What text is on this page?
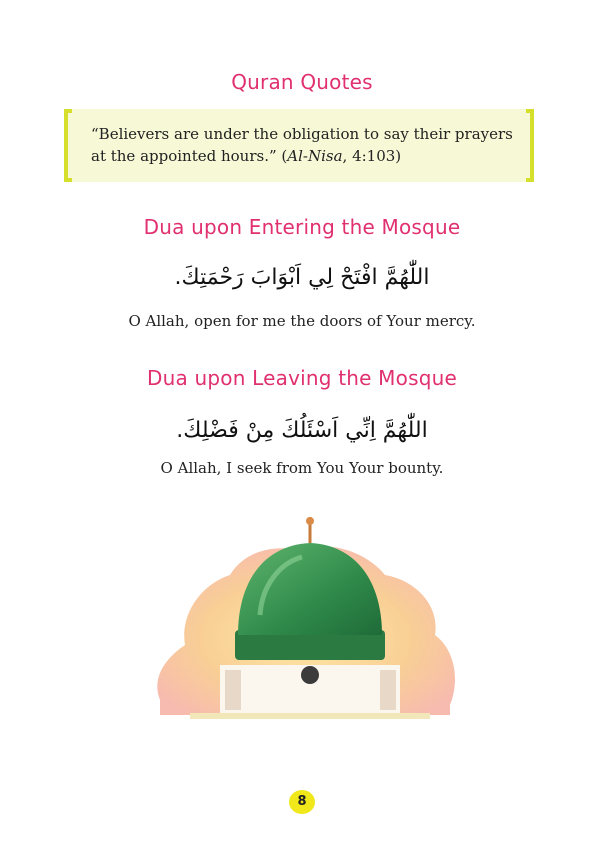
Quran Quotes
“Believers are under the obligation to say their prayers at the appointed hours.” (Al-Nisa, 4:103)
Dua upon Entering the Mosque
اللّٰهُمَّ افْتَحْ لِي اَبْوَابَ رَحْمَتِكَ.
O Allah, open for me the doors of Your mercy.
Dua upon Leaving the Mosque
اللّٰهُمَّ اِنِّي اَسْئَلُكَ مِنْ فَضْلِكَ.
O Allah, I seek from You Your bounty.
8
